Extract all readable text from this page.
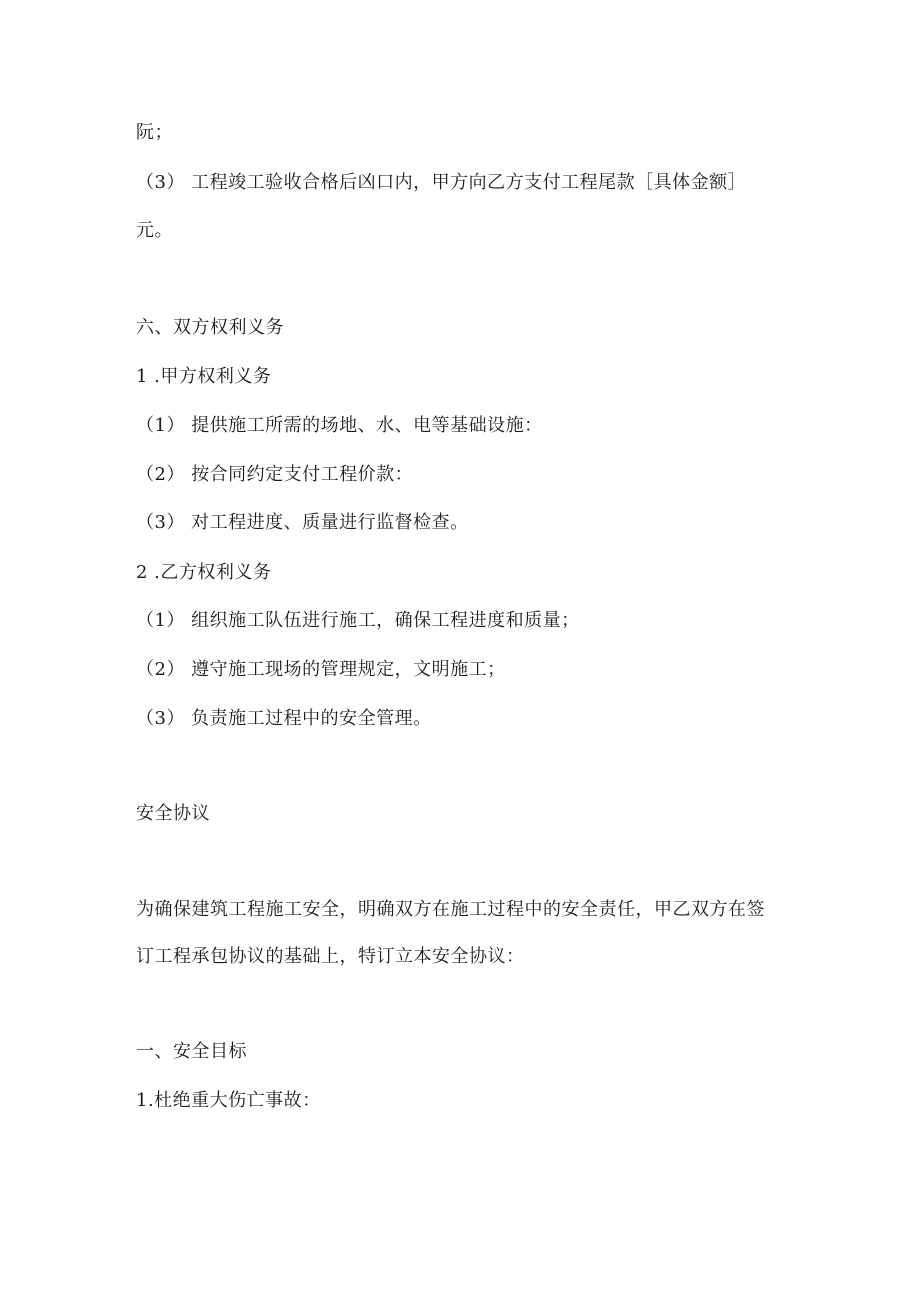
阮；
（3） 工程竣工验收合格后凶口内，甲方向乙方支付工程尾款［具体金额］
元。
六、双方权利义务
1 .甲方权利义务
（1） 提供施工所需的场地、水、电等基础设施：
（2） 按合同约定支付工程价款：
（3） 对工程进度、质量进行监督检查。
2 .乙方权利义务
（1） 组织施工队伍进行施工，确保工程进度和质量；
（2） 遵守施工现场的管理规定，文明施工；
（3） 负责施工过程中的安全管理。
安全协议
为确保建筑工程施工安全，明确双方在施工过程中的安全责任，甲乙双方在签
订工程承包协议的基础上，特订立本安全协议：
一、安全目标
1.杜绝重大伤亡事故：
